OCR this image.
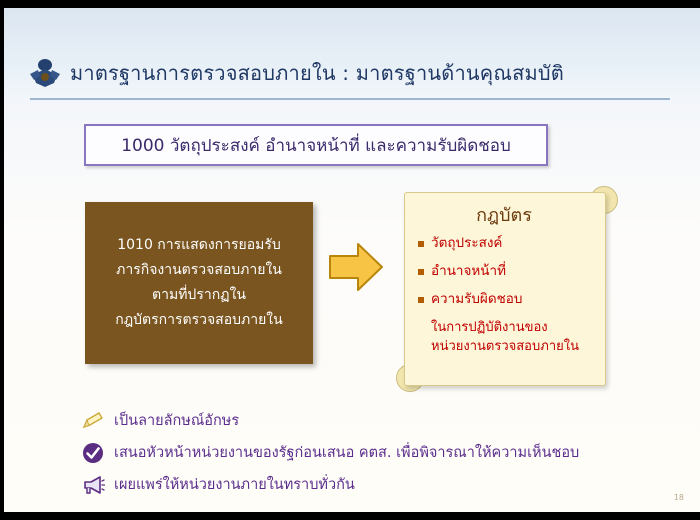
มาตรฐานการตรวจสอบภายใน : มาตรฐานด้านคุณสมบัติ
1000 วัตถุประสงค์ อำนาจหน้าที่ และความรับผิดชอบ
1010 การแสดงการยอมรับ
ภารกิจงานตรวจสอบภายใน
ตามที่ปรากฏใน
กฎบัตรการตรวจสอบภายใน
กฎบัตร
วัตถุประสงค์
อำนาจหน้าที่
ความรับผิดชอบ
ในการปฏิบัติงานของ
หน่วยงานตรวจสอบภายใน
เป็นลายลักษณ์อักษร
เสนอหัวหน้าหน่วยงานของรัฐก่อนเสนอ คตส. เพื่อพิจารณาให้ความเห็นชอบ
เผยแพร่ให้หน่วยงานภายในทราบทั่วกัน
18
